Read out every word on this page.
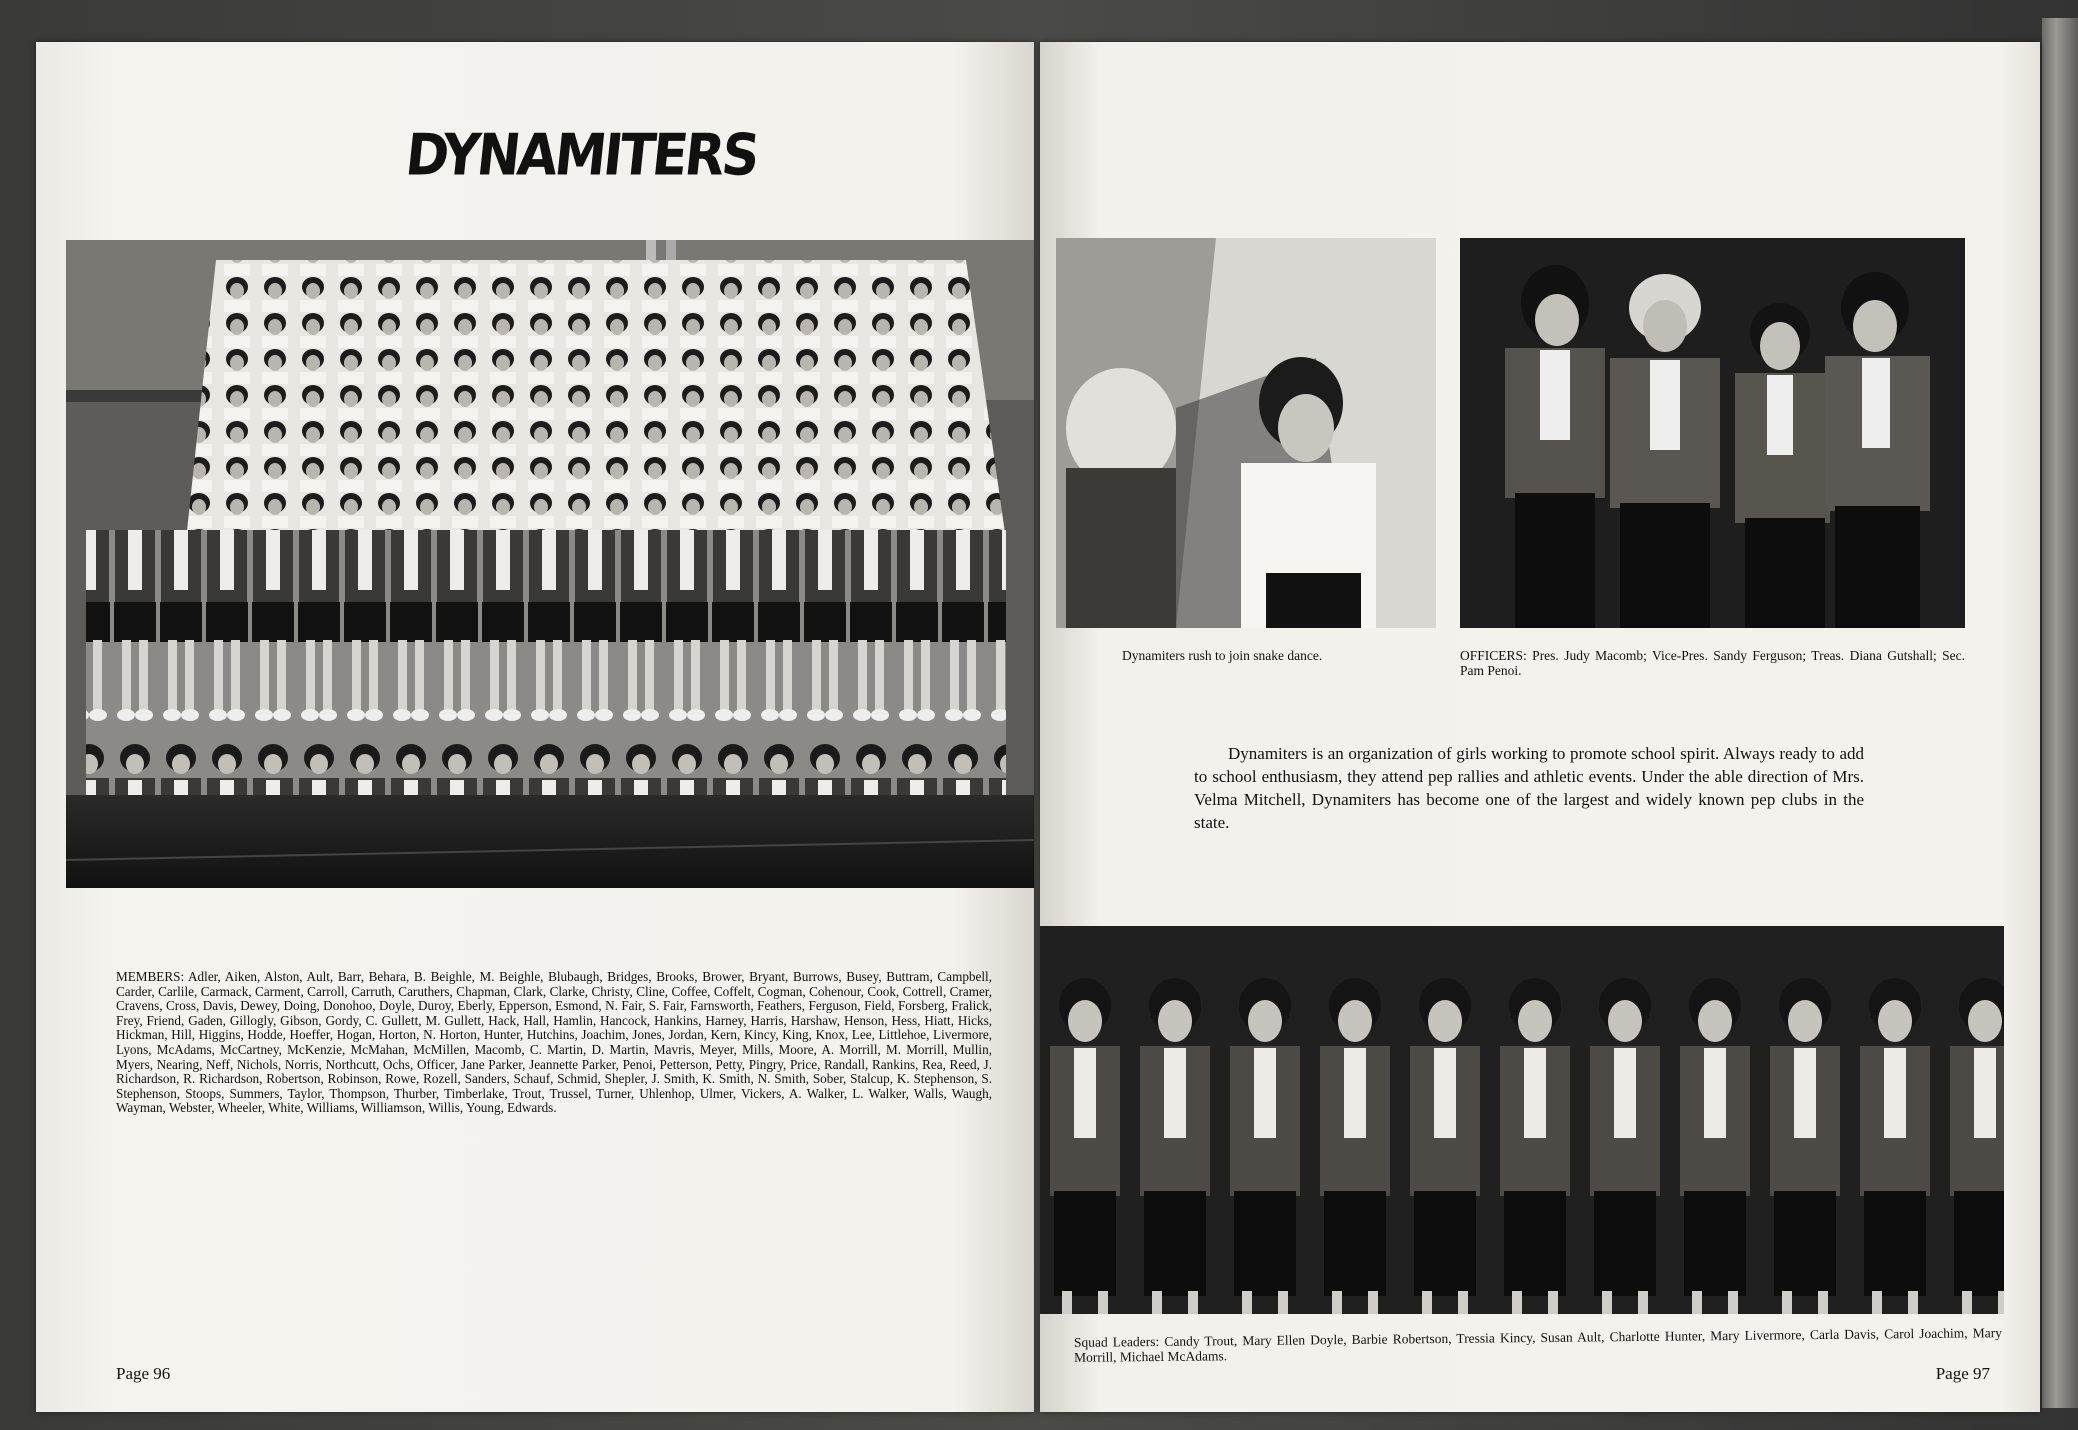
DYNAMITERS

MEMBERS: Adler, Aiken, Alston, Ault, Barr, Behara, B. Beighle, M. Beighle, Blubaugh, Bridges, Brooks, Brower, Bryant, Burrows, Busey, Buttram, Campbell, Carder, Carlile, Carmack, Carment, Carroll, Carruth, Caruthers, Chapman, Clark, Clarke, Christy, Cline, Coffee, Coffelt, Cogman, Cohenour, Cook, Cottrell, Cramer, Cravens, Cross, Davis, Dewey, Doing, Donohoo, Doyle, Duroy, Eberly, Epperson, Esmond, N. Fair, S. Fair, Farnsworth, Feathers, Ferguson, Field, Forsberg, Fralick, Frey, Friend, Gaden, Gillogly, Gibson, Gordy, C. Gullett, M. Gullett, Hack, Hall, Hamlin, Hancock, Hankins, Harney, Harris, Harshaw, Henson, Hess, Hiatt, Hicks, Hickman, Hill, Higgins, Hodde, Hoeffer, Hogan, Horton, N. Horton, Hunter, Hutchins, Joachim, Jones, Jordan, Kern, Kincy, King, Knox, Lee, Littlehoe, Livermore, Lyons, McAdams, McCartney, McKenzie, McMahan, McMillen, Macomb, C. Martin, D. Martin, Mavris, Meyer, Mills, Moore, A. Morrill, M. Morrill, Mullin, Myers, Nearing, Neff, Nichols, Norris, Northcutt, Ochs, Officer, Jane Parker, Jeannette Parker, Penoi, Petterson, Petty, Pingry, Price, Randall, Rankins, Rea, Reed, J. Richardson, R. Richardson, Robertson, Robinson, Rowe, Rozell, Sanders, Schauf, Schmid, Shepler, J. Smith, K. Smith, N. Smith, Sober, Stalcup, K. Stephenson, S. Stephenson, Stoops, Summers, Taylor, Thompson, Thurber, Timberlake, Trout, Trussel, Turner, Uhlenhop, Ulmer, Vickers, A. Walker, L. Walker, Walls, Waugh, Wayman, Webster, Wheeler, White, Williams, Williamson, Willis, Young, Edwards.

Page 96

Dynamiters rush to join snake dance.	OFFICERS: Pres. Judy Macomb; Vice-Pres. Sandy Ferguson; Treas. Diana Gutshall; Sec. Pam Penoi.

Dynamiters is an organization of girls working to promote school spirit. Always ready to add to school enthusiasm, they attend pep rallies and athletic events. Under the able direction of Mrs. Velma Mitchell, Dynamiters has become one of the largest and widely known pep clubs in the state.

Squad Leaders: Candy Trout, Mary Ellen Doyle, Barbie Robertson, Tressia Kincy, Susan Ault, Charlotte Hunter, Mary Livermore, Carla Davis, Carol Joachim, Mary Morrill, Michael McAdams.

Page 97
